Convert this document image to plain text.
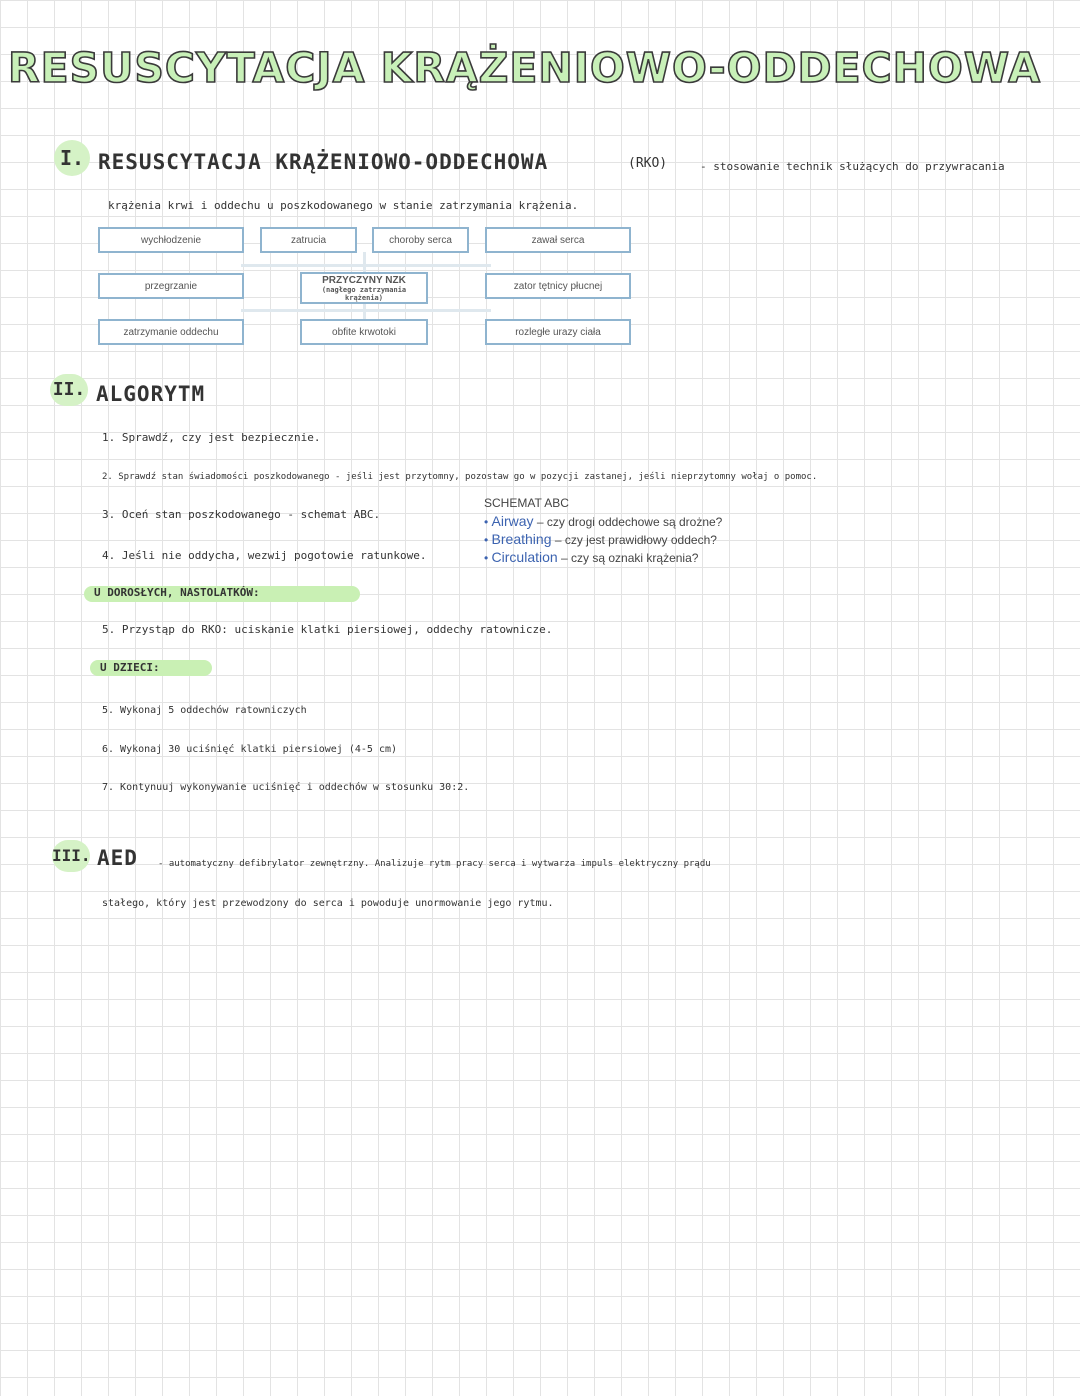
RESUSCYTACJA KRĄŻENIOWO-ODDECHOWA
I. RESUSCYTACJA KRĄŻENIOWO-ODDECHOWA	(RKO)	- stosowanie technik służących do przywracania
krążenia krwi i oddechu u poszkodowanego w stanie zatrzymania krążenia.
wychłodzenie	zatrucia	choroby serca	zawał serca
przegrzanie
PRZYCZYNY NZK
(nagłego zatrzymania krążenia)
zator tętnicy płucnej
zatrzymanie oddechu	obfite krwotoki	rozległe urazy ciała
II. ALGORYTM
1. Sprawdź, czy jest bezpiecznie.
2. Sprawdź stan świadomości poszkodowanego - jeśli jest przytomny, pozostaw go w pozycji zastanej, jeśli nieprzytomny wołaj o pomoc.
3. Oceń stan poszkodowanego - schemat ABC.
4. Jeśli nie oddycha, wezwij pogotowie ratunkowe.
SCHEMAT ABC
• Airway – czy drogi oddechowe są drożne?
• Breathing – czy jest prawidłowy oddech?
• Circulation – czy są oznaki krążenia?
U DOROSŁYCH, NASTOLATKÓW:
5. Przystąp do RKO: uciskanie klatki piersiowej, oddechy ratownicze.
U DZIECI:
5. Wykonaj 5 oddechów ratowniczych
6. Wykonaj 30 uciśnięć klatki piersiowej (4-5 cm)
7. Kontynuuj wykonywanie uciśnięć i oddechów w stosunku 30:2.
III. AED - automatyczny defibrylator zewnętrzny. Analizuje rytm pracy serca i wytwarza impuls elektryczny prądu
stałego, który jest przewodzony do serca i powoduje unormowanie jego rytmu.
